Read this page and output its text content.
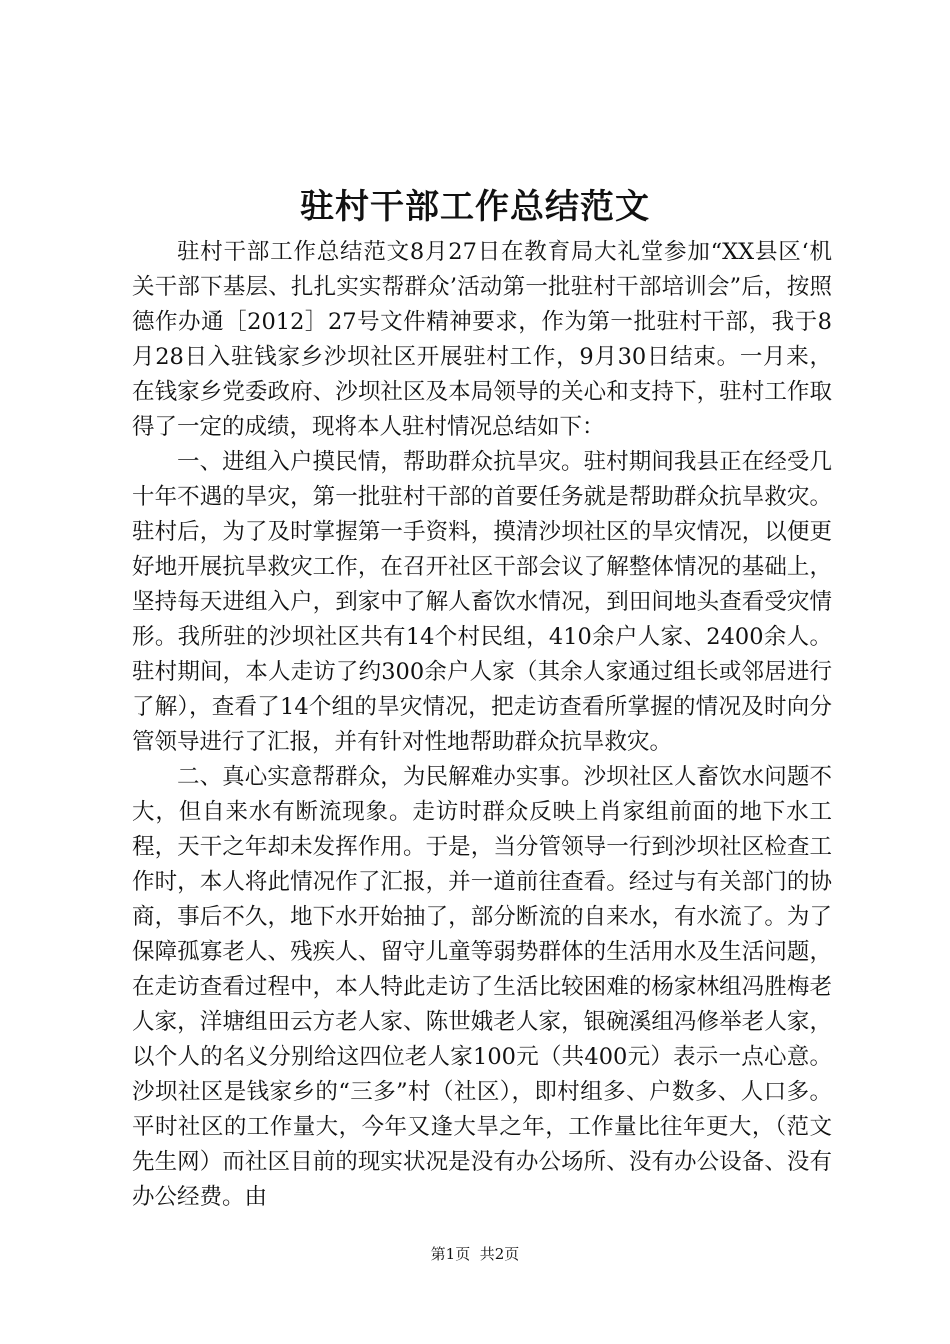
驻村干部工作总结范文

驻村干部工作总结范文8月27日在教育局大礼堂参加“XX县区‘机关干部下基层、扎扎实实帮群众’活动第一批驻村干部培训会”后，按照德作办通［2012］27号文件精神要求，作为第一批驻村干部，我于8月28日入驻钱家乡沙坝社区开展驻村工作，9月30日结束。一月来，在钱家乡党委政府、沙坝社区及本局领导的关心和支持下，驻村工作取得了一定的成绩，现将本人驻村情况总结如下：

一、进组入户摸民情，帮助群众抗旱灾。驻村期间我县正在经受几十年不遇的旱灾，第一批驻村干部的首要任务就是帮助群众抗旱救灾。驻村后，为了及时掌握第一手资料，摸清沙坝社区的旱灾情况，以便更好地开展抗旱救灾工作，在召开社区干部会议了解整体情况的基础上，坚持每天进组入户，到家中了解人畜饮水情况，到田间地头查看受灾情形。我所驻的沙坝社区共有14个村民组，410余户人家、2400余人。驻村期间，本人走访了约300余户人家（其余人家通过组长或邻居进行了解），查看了14个组的旱灾情况，把走访查看所掌握的情况及时向分管领导进行了汇报，并有针对性地帮助群众抗旱救灾。

二、真心实意帮群众，为民解难办实事。沙坝社区人畜饮水问题不大，但自来水有断流现象。走访时群众反映上肖家组前面的地下水工程，天干之年却未发挥作用。于是，当分管领导一行到沙坝社区检查工作时，本人将此情况作了汇报，并一道前往查看。经过与有关部门的协商，事后不久，地下水开始抽了，部分断流的自来水，有水流了。为了保障孤寡老人、残疾人、留守儿童等弱势群体的生活用水及生活问题，在走访查看过程中，本人特此走访了生活比较困难的杨家林组冯胜梅老人家，洋塘组田云方老人家、陈世娥老人家，银碗溪组冯修举老人家，以个人的名义分别给这四位老人家100元（共400元）表示一点心意。沙坝社区是钱家乡的“三多”村（社区），即村组多、户数多、人口多。平时社区的工作量大，今年又逢大旱之年，工作量比往年更大，（范文先生网）而社区目前的现实状况是没有办公场所、没有办公设备、没有办公经费。由

第1页 共2页
